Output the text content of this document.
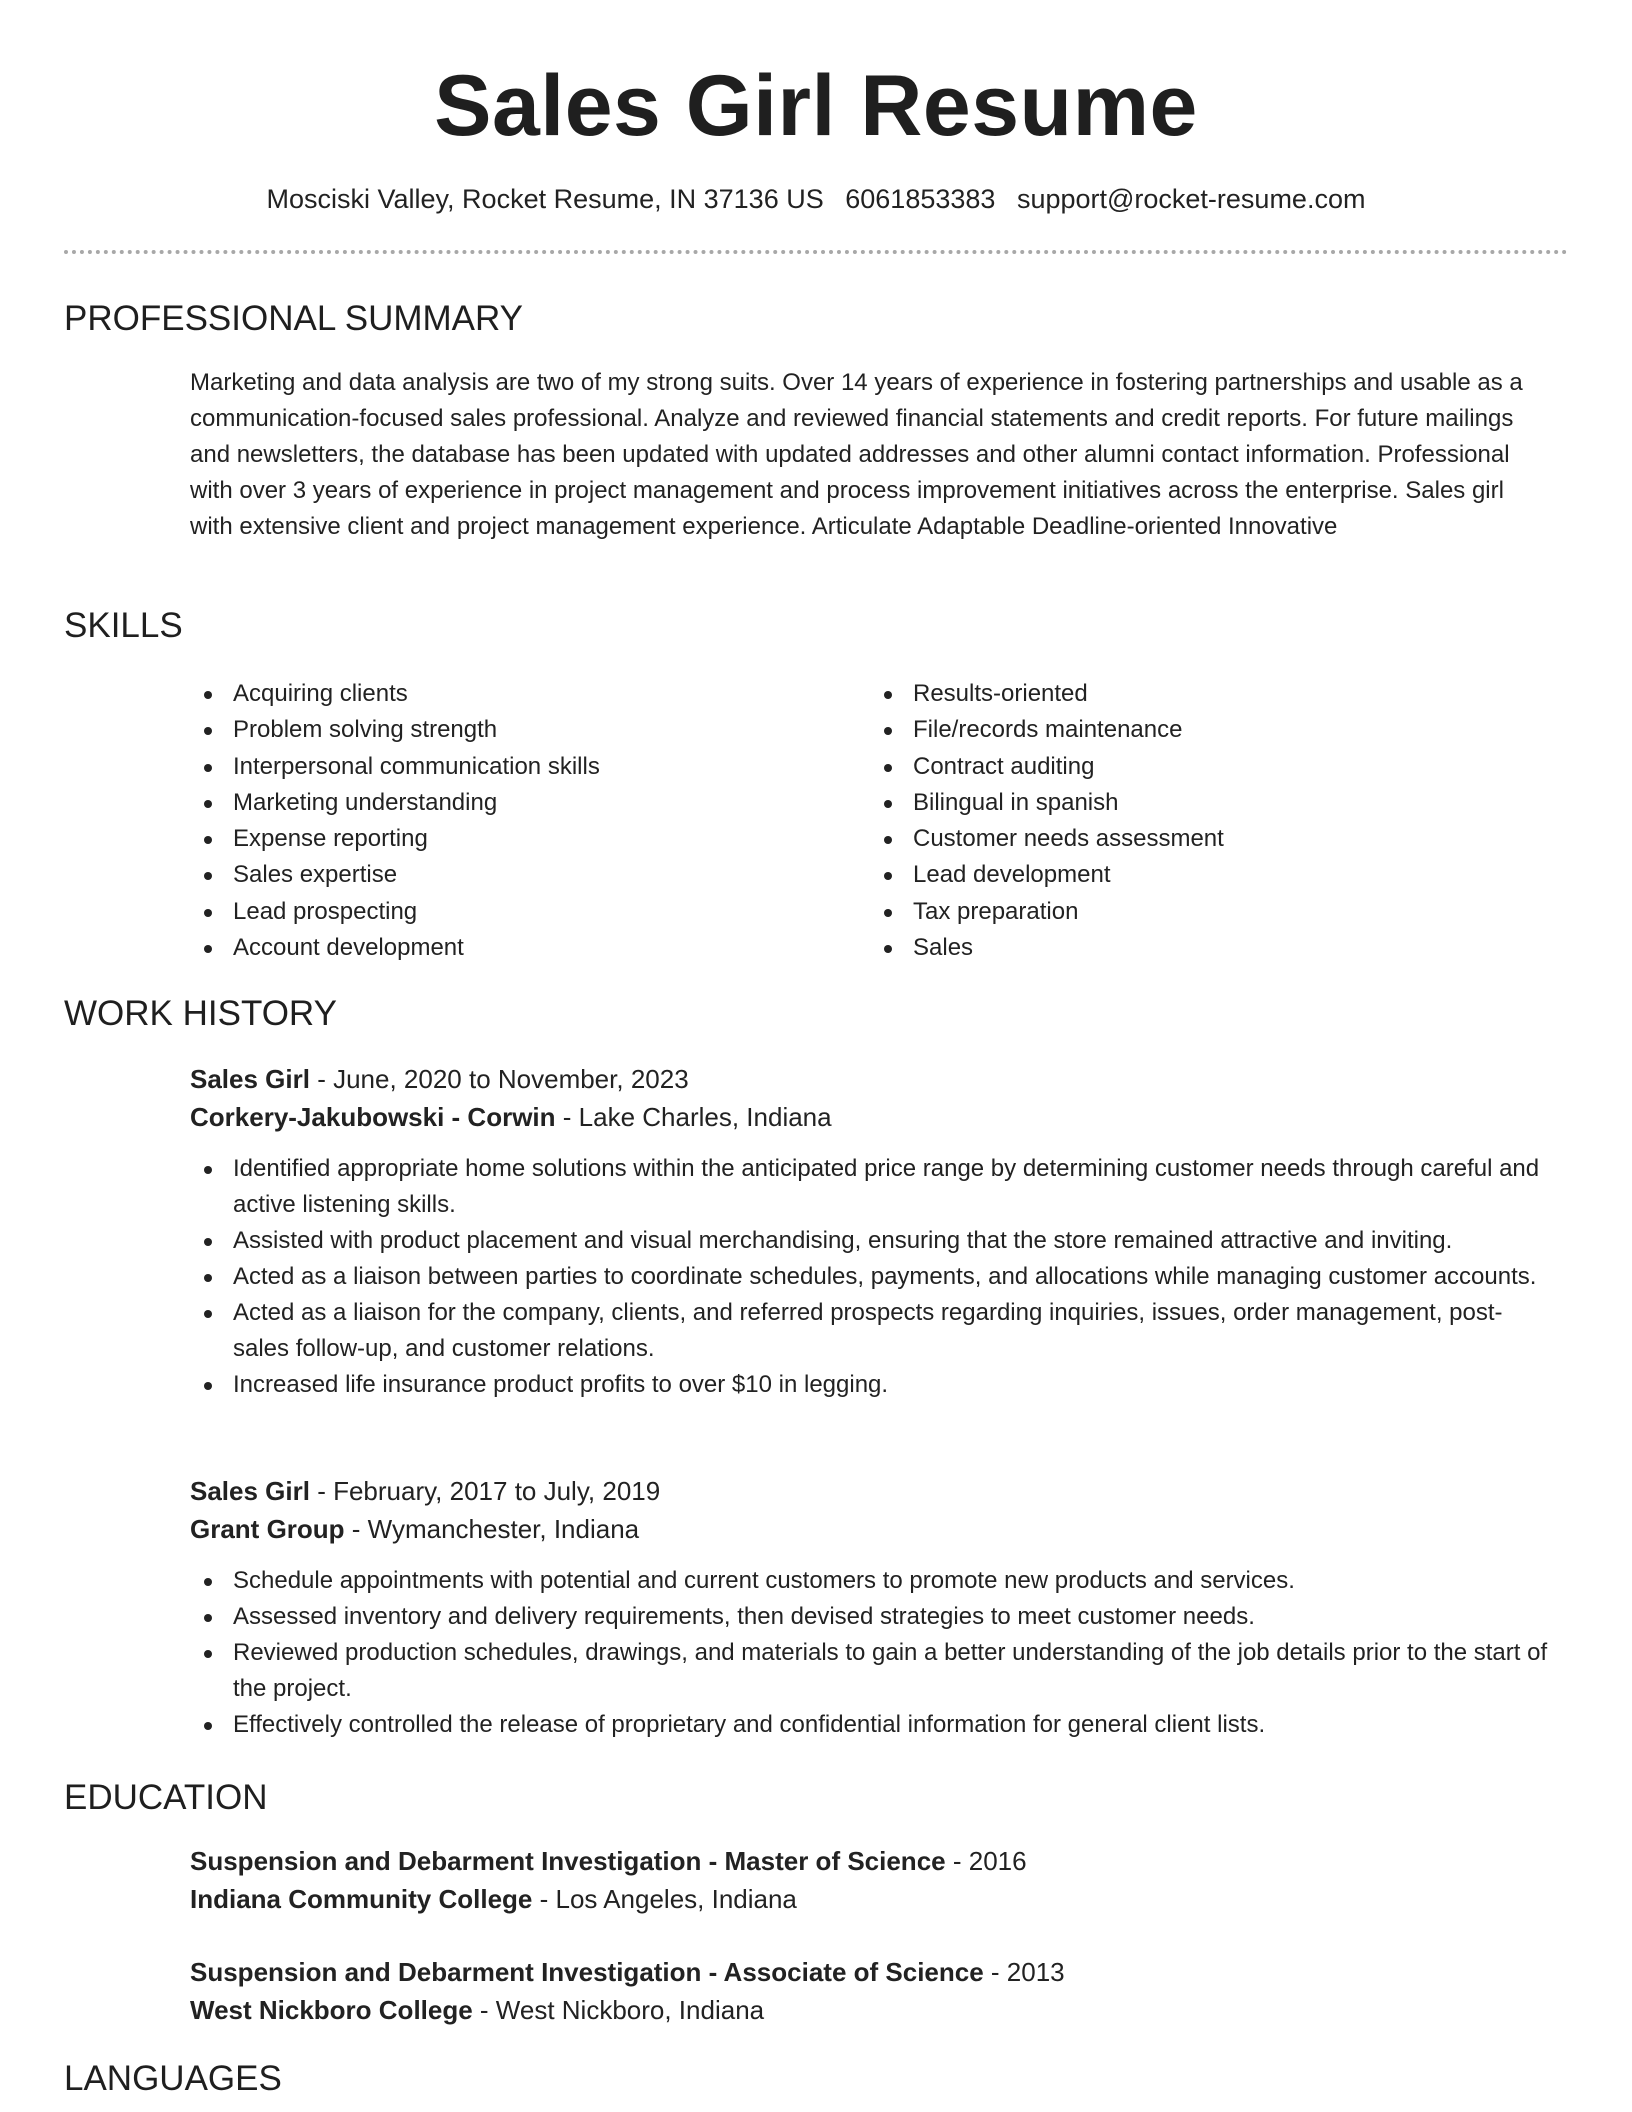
Sales Girl Resume
Mosciski Valley, Rocket Resume, IN 37136 US 6061853383 support@rocket-resume.com
PROFESSIONAL SUMMARY
Marketing and data analysis are two of my strong suits. Over 14 years of experience in fostering partnerships and usable as a communication-focused sales professional. Analyze and reviewed financial statements and credit reports. For future mailings and newsletters, the database has been updated with updated addresses and other alumni contact information. Professional with over 3 years of experience in project management and process improvement initiatives across the enterprise. Sales girl with extensive client and project management experience. Articulate Adaptable Deadline-oriented Innovative
SKILLS
Acquiring clients
Problem solving strength
Interpersonal communication skills
Marketing understanding
Expense reporting
Sales expertise
Lead prospecting
Account development
Results-oriented
File/records maintenance
Contract auditing
Bilingual in spanish
Customer needs assessment
Lead development
Tax preparation
Sales
WORK HISTORY
Sales Girl - June, 2020 to November, 2023
Corkery-Jakubowski - Corwin - Lake Charles, Indiana
Identified appropriate home solutions within the anticipated price range by determining customer needs through careful and active listening skills.
Assisted with product placement and visual merchandising, ensuring that the store remained attractive and inviting.
Acted as a liaison between parties to coordinate schedules, payments, and allocations while managing customer accounts.
Acted as a liaison for the company, clients, and referred prospects regarding inquiries, issues, order management, post-sales follow-up, and customer relations.
Increased life insurance product profits to over $10 in legging.
Sales Girl - February, 2017 to July, 2019
Grant Group - Wymanchester, Indiana
Schedule appointments with potential and current customers to promote new products and services.
Assessed inventory and delivery requirements, then devised strategies to meet customer needs.
Reviewed production schedules, drawings, and materials to gain a better understanding of the job details prior to the start of the project.
Effectively controlled the release of proprietary and confidential information for general client lists.
EDUCATION
Suspension and Debarment Investigation - Master of Science - 2016
Indiana Community College - Los Angeles, Indiana
Suspension and Debarment Investigation - Associate of Science - 2013
West Nickboro College - West Nickboro, Indiana
LANGUAGES
